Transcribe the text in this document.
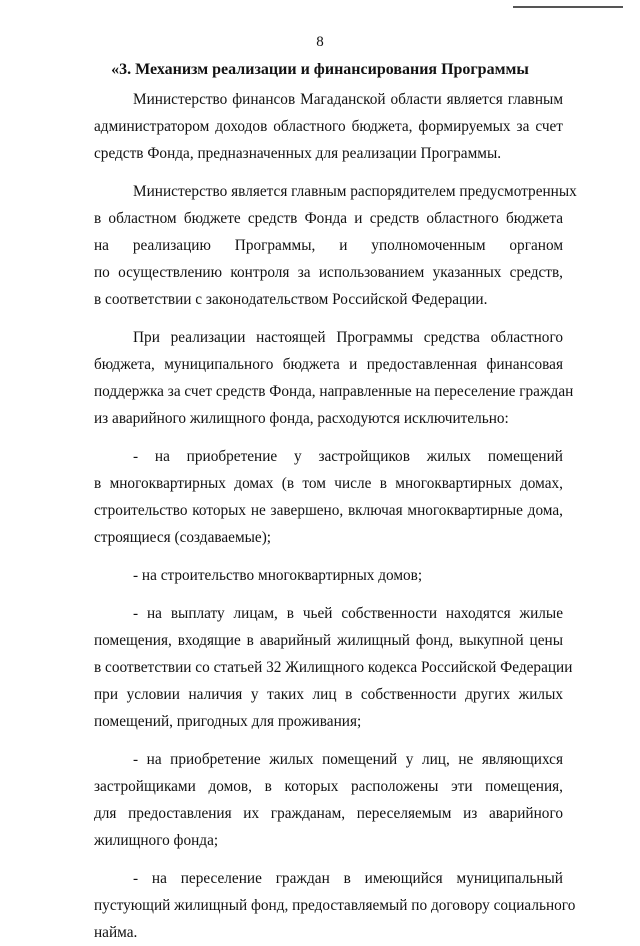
8
«3. Механизм реализации и финансирования Программы

Министерство финансов Магаданской области является главным
администратором доходов областного бюджета, формируемых за счет
средств Фонда, предназначенных для реализации Программы.

Министерство является главным распорядителем предусмотренных
в областном бюджете средств Фонда и средств областного бюджета
на реализацию Программы, и уполномоченным органом
по осуществлению контроля за использованием указанных средств,
в соответствии с законодательством Российской Федерации.

При реализации настоящей Программы средства областного
бюджета, муниципального бюджета и предоставленная финансовая
поддержка за счет средств Фонда, направленные на переселение граждан
из аварийного жилищного фонда, расходуются исключительно:

- на приобретение у застройщиков жилых помещений
в многоквартирных домах (в том числе в многоквартирных домах,
строительство которых не завершено, включая многоквартирные дома,
строящиеся (создаваемые);

- на строительство многоквартирных домов;

- на выплату лицам, в чьей собственности находятся жилые
помещения, входящие в аварийный жилищный фонд, выкупной цены
в соответствии со статьей 32 Жилищного кодекса Российской Федерации
при условии наличия у таких лиц в собственности других жилых
помещений, пригодных для проживания;

- на приобретение жилых помещений у лиц, не являющихся
застройщиками домов, в которых расположены эти помещения,
для предоставления их гражданам, переселяемым из аварийного
жилищного фонда;

- на переселение граждан в имеющийся муниципальный
пустующий жилищный фонд, предоставляемый по договору социального
найма.
